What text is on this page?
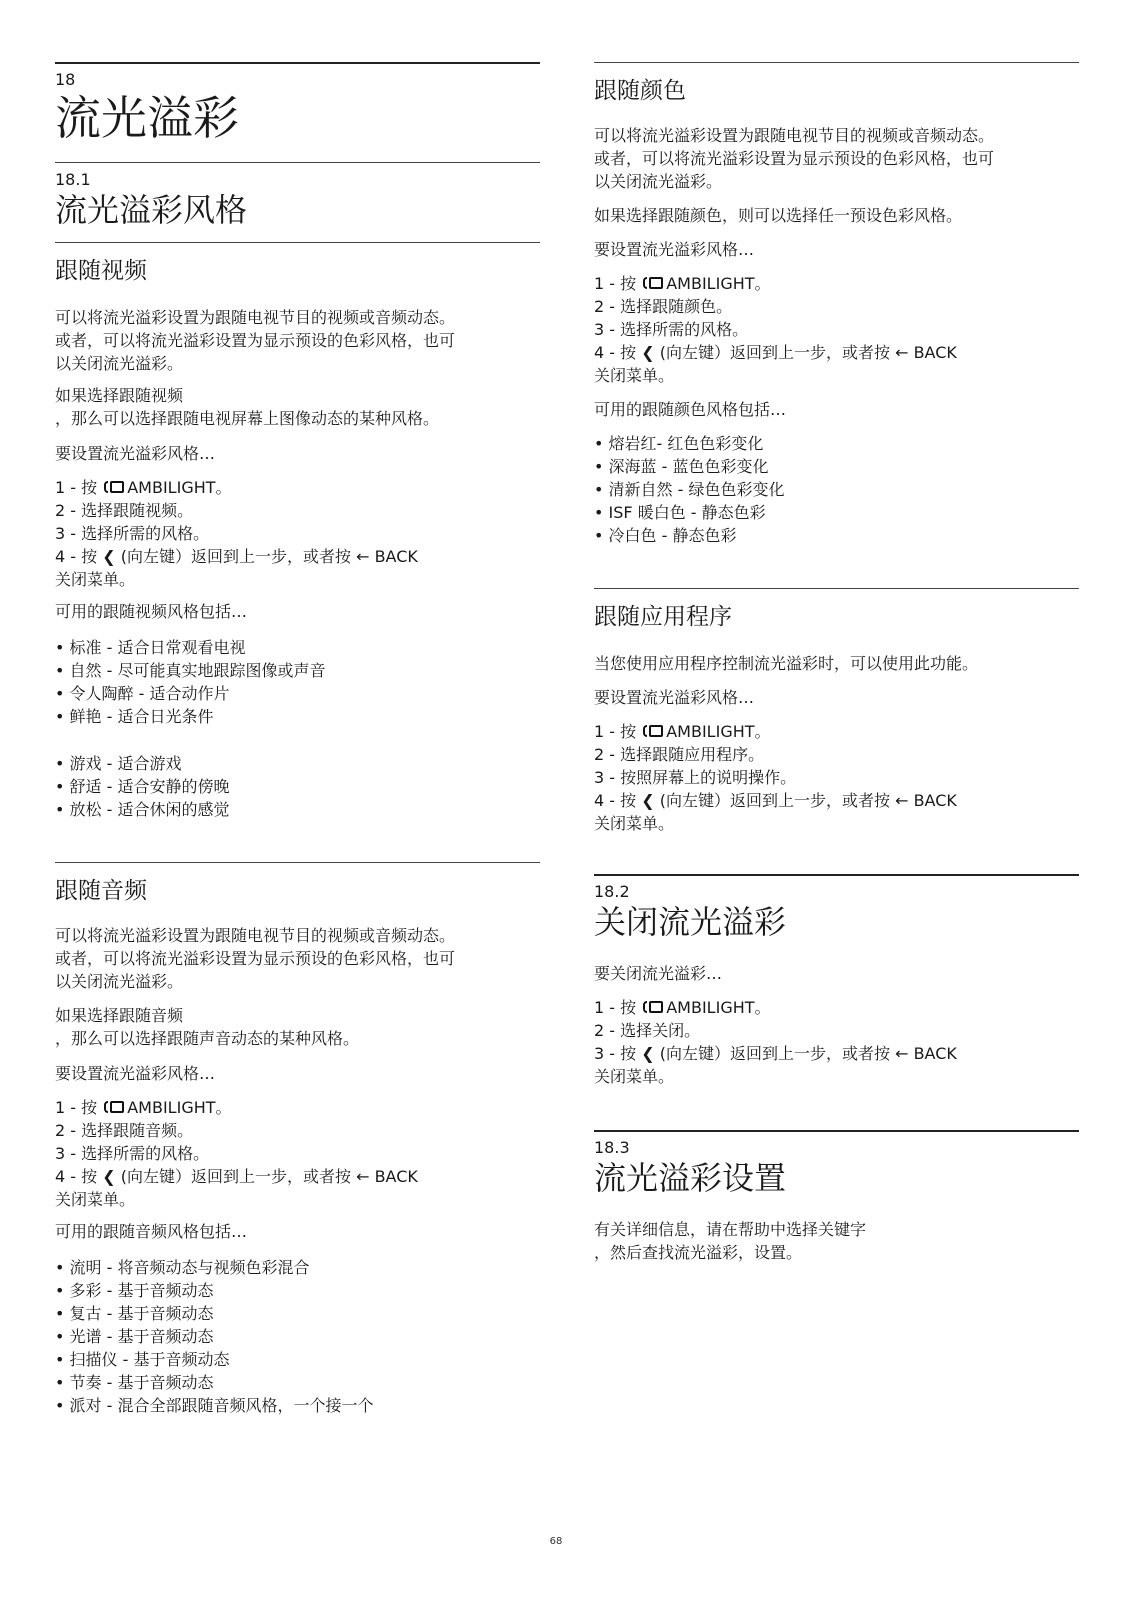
18
流光溢彩
18.1
流光溢彩风格
跟随视频

可以将流光溢彩设置为跟随电视节目的视频或音频动态。

或者，可以将流光溢彩设置为显示预设的色彩风格，也可

以关闭流光溢彩。

如果选择跟随视频

，那么可以选择跟随电视屏幕上图像动态的某种风格。

要设置流光溢彩风格…

1 - 按 AMBILIGHT。

2 - 选择跟随视频。

3 - 选择所需的风格。

4 - 按 ❮ (向左键）返回到上一步，或者按 ← BACK

关闭菜单。

可用的跟随视频风格包括…

• 标准 - 适合日常观看电视
• 自然 - 尽可能真实地跟踪图像或声音
• 令人陶醉 - 适合动作片
• 鲜艳 - 适合日光条件
• 游戏 - 适合游戏
• 舒适 - 适合安静的傍晚
• 放松 - 适合休闲的感觉
跟随音频

可以将流光溢彩设置为跟随电视节目的视频或音频动态。

或者，可以将流光溢彩设置为显示预设的色彩风格，也可

以关闭流光溢彩。

如果选择跟随音频

，那么可以选择跟随声音动态的某种风格。

要设置流光溢彩风格…

1 - 按 AMBILIGHT。

2 - 选择跟随音频。

3 - 选择所需的风格。

4 - 按 ❮ (向左键）返回到上一步，或者按 ← BACK

关闭菜单。

可用的跟随音频风格包括…

• 流明 - 将音频动态与视频色彩混合
• 多彩 - 基于音频动态
• 复古 - 基于音频动态
• 光谱 - 基于音频动态
• 扫描仪 - 基于音频动态
• 节奏 - 基于音频动态
• 派对 - 混合全部跟随音频风格，一个接一个
跟随颜色

可以将流光溢彩设置为跟随电视节目的视频或音频动态。

或者，可以将流光溢彩设置为显示预设的色彩风格，也可

以关闭流光溢彩。

如果选择跟随颜色，则可以选择任一预设色彩风格。

要设置流光溢彩风格…

1 - 按 AMBILIGHT。

2 - 选择跟随颜色。

3 - 选择所需的风格。

4 - 按 ❮ (向左键）返回到上一步，或者按 ← BACK

关闭菜单。

可用的跟随颜色风格包括…

• 熔岩红- 红色色彩变化
• 深海蓝 - 蓝色色彩变化
• 清新自然 - 绿色色彩变化
• ISF 暖白色 - 静态色彩
• 冷白色 - 静态色彩
跟随应用程序

当您使用应用程序控制流光溢彩时，可以使用此功能。

要设置流光溢彩风格…

1 - 按 AMBILIGHT。

2 - 选择跟随应用程序。

3 - 按照屏幕上的说明操作。

4 - 按 ❮ (向左键）返回到上一步，或者按 ← BACK

关闭菜单。

18.2
关闭流光溢彩

要关闭流光溢彩…

1 - 按 AMBILIGHT。

2 - 选择关闭。

3 - 按 ❮ (向左键）返回到上一步，或者按 ← BACK

关闭菜单。

18.3
流光溢彩设置

有关详细信息，请在帮助中选择关键字

，然后查找流光溢彩，设置。

68
